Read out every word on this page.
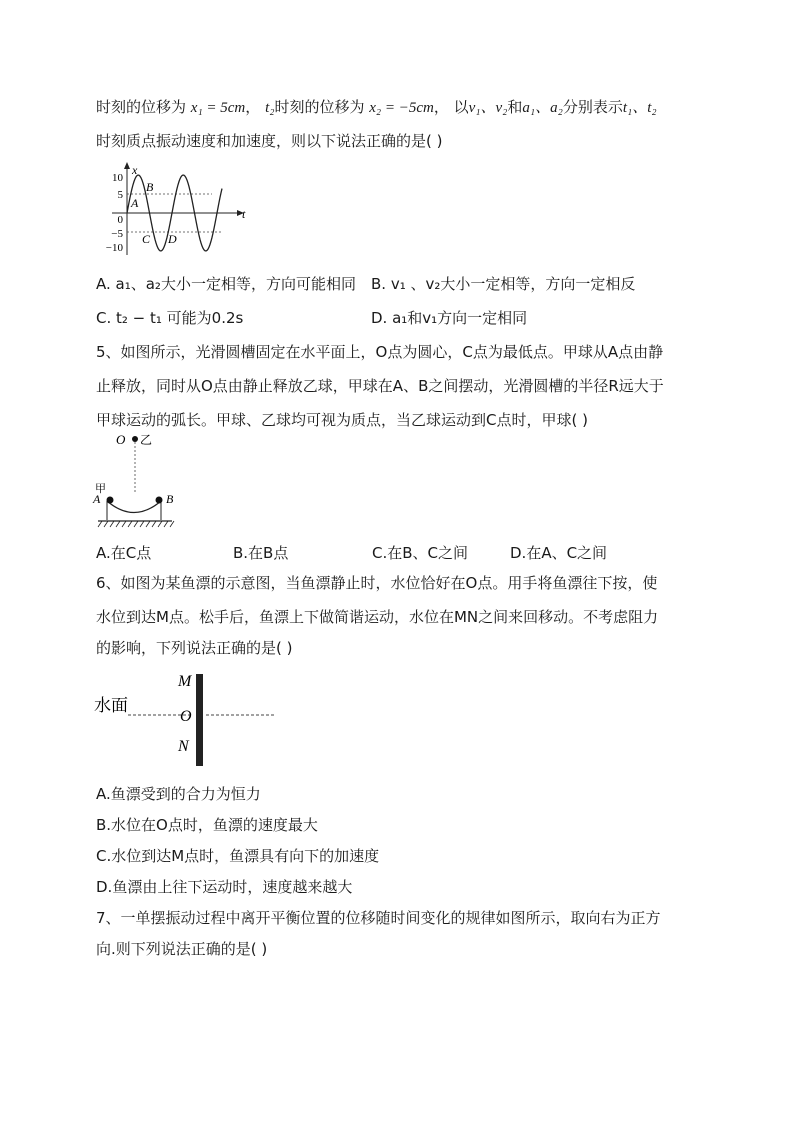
时刻的位移为 x₁ = 5cm， t₂时刻的位移为 x₂ = −5cm， 以v₁、v₂和a₁、a₂分别表示t₁、t₂
时刻质点振动速度和加速度，则以下说法正确的是( )
x
t
10
5
0
−5
−10
A
B
C D
A. a₁、a₂大小一定相等，方向可能相同 B. v₁ 、v₂大小一定相等，方向一定相反
C. t₂ − t₁ 可能为0.2s	D. a₁和v₁方向一定相同
5、如图所示，光滑圆槽固定在水平面上，O点为圆心，C点为最低点。甲球从A点由静
止释放，同时从O点由静止释放乙球，甲球在A、B之间摆动，光滑圆槽的半径R远大于
甲球运动的弧长。甲球、乙球均可视为质点，当乙球运动到C点时，甲球( )
O 乙
甲
A	B
A.在C点	B.在B点	C.在B、C之间	D.在A、C之间
6、如图为某鱼漂的示意图，当鱼漂静止时，水位恰好在O点。用手将鱼漂往下按，使
水位到达M点。松手后，鱼漂上下做简谐运动，水位在MN之间来回移动。不考虑阻力
的影响，下列说法正确的是( )
水面
M
O
N
A.鱼漂受到的合力为恒力
B.水位在O点时，鱼漂的速度最大
C.水位到达M点时，鱼漂具有向下的加速度
D.鱼漂由上往下运动时，速度越来越大
7、一单摆振动过程中离开平衡位置的位移随时间变化的规律如图所示，取向右为正方
向.则下列说法正确的是( )
